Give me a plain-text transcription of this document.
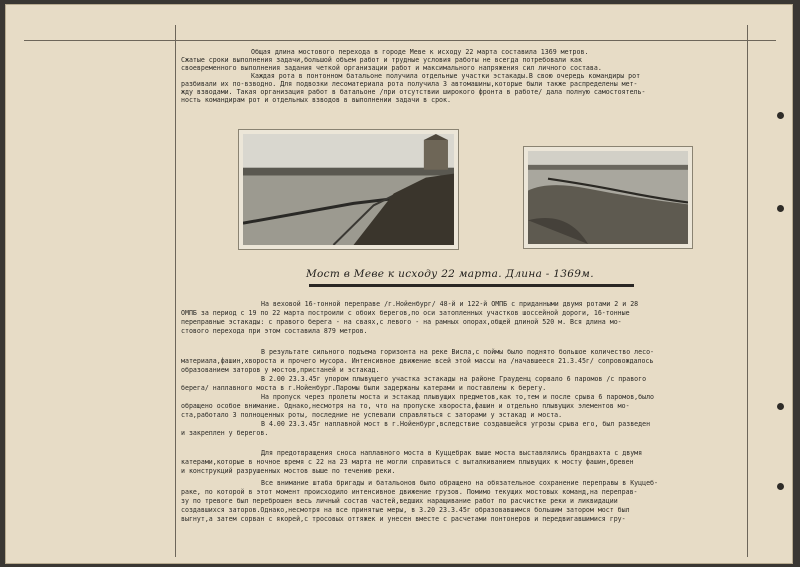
Общая длина мостового перехода в городе Меве к исходу 22 марта составила 1369 метров.
Сжатые сроки выполнения задачи,большой объем работ и трудные условия работы не всегда потребовали как
своевременного выполнения задания четкой организации работ и максимального напряжения сил личного состава.
Каждая рота в понтонном батальоне получила отдельные участки эстакады.В свою очередь командиры рот
разбивали их по-взводно. Для подвозки лесоматериала рота получила 3 автомашины,которые были также распределены мет-
жду взводами. Такая организация работ в батальоне /при отсутствии широкого фронта в работе/ дала полную самостоятель-
ность командирам рот и отдельных взводов в выполнении задачи в срок.
Мост в Меве к исходу 22 марта. Длина - 1369м.
На веховой 16-тонной переправе /г.Нойенбург/ 48-й и 122-й ОМПБ с приданными двумя ротами 2 и 28
ОМПБ за период с 19 по 22 марта построили с обоих берегов,по оси затопленных участков шоссейной дороги, 16-тонные
переправные эстакады: с правого берега - на сваях,с левого - на рамных опорах,общей длиной 520 м. Вся длина мо-
стового перехода при этом составила 879 метров.
В результате сильного подъема горизонта на реке Висла,с поймы было поднято большое количество лесо-
материала,фашин,хвороста и прочего мусора. Интенсивное движение всей этой массы на /начавшееся 21.3.45г/ сопровождалось
образованием заторов у мостов,пристаней и эстакад.
В 2.00 23.3.45г упором плывущего участка эстакады на районе Грауденц сорвало 6 паромов /с правого
берега/ наплавного моста в г.Нойенбург.Паромы были задержаны катерами и поставлены к берегу.
На пропуск через пролеты моста и эстакад плывущих предметов,как то,тем и после срыва 6 паромов,было
обращено особое внимание. Однако,несмотря на то, что на пропуске хвороста,фашин и отдельно плывущих элементов мо-
ста,работало 3 полноценных роты, последние не успевали справляться с заторами у эстакад и моста.
В 4.00 23.3.45г наплавной мост в г.Нойенбург,вследствие создавшейся угрозы срыва его, был разведен
и закреплен у берегов.
Для предотвращения сноса наплавного моста в Куццебрак выше моста выставлялись брандвахта с двумя
катерами,которые в ночное время с 22 на 23 марта не могли справиться с выталкиванием плывущих к мосту фашин,бревен
и конструкций разрушенных мостов выше по течению реки.
Все внимание штаба бригады и батальонов было обращено на обязательное сохранение переправы в Куццеб-
раке, по которой в этот момент происходило интенсивное движение грузов. Помимо текущих мостовых команд,на переправ-
зу по тревоге был переброшен весь личный состав частей,ведших наращивание работ по расчистке реки и ликвидации
создавшихся заторов.Однако,несмотря на все принятые меры, в 3.20 23.3.45г образовавшимся большим затором мост был
выгнут,а затем сорван с якорей,с тросовых оттяжек и унесен вместе с расчетами понтонеров и передвигавшимися гру-
